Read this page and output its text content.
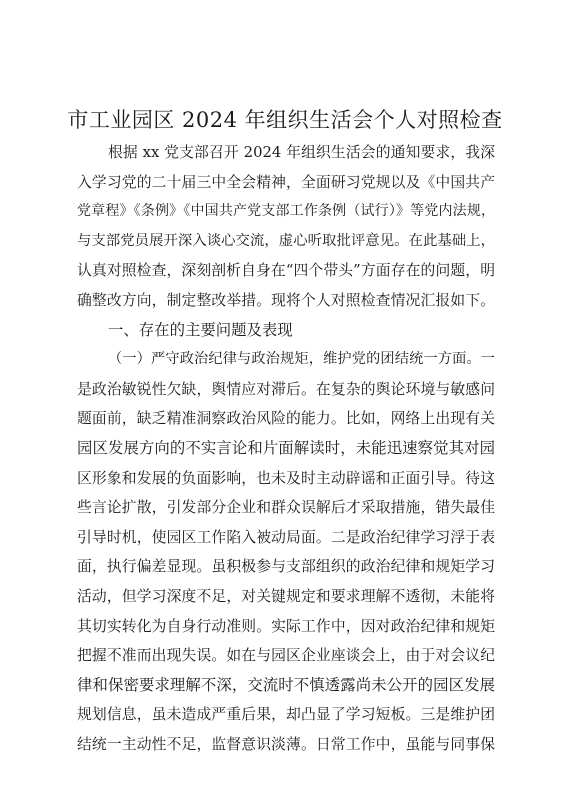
市工业园区 2024 年组织生活会个人对照检查
根据 xx 党支部召开 2024 年组织生活会的通知要求，我深
入学习党的二十届三中全会精神，全面研习党规以及《中国共产
党章程》《条例》《中国共产党支部工作条例（试行）》等党内法规，
与支部党员展开深入谈心交流，虚心听取批评意见。在此基础上，
认真对照检查，深刻剖析自身在“四个带头”方面存在的问题，明
确整改方向，制定整改举措。现将个人对照检查情况汇报如下。
一、存在的主要问题及表现
（一）严守政治纪律与政治规矩，维护党的团结统一方面。一
是政治敏锐性欠缺，舆情应对滞后。在复杂的舆论环境与敏感问
题面前，缺乏精准洞察政治风险的能力。比如，网络上出现有关
园区发展方向的不实言论和片面解读时，未能迅速察觉其对园
区形象和发展的负面影响，也未及时主动辟谣和正面引导。待这
些言论扩散，引发部分企业和群众误解后才采取措施，错失最佳
引导时机，使园区工作陷入被动局面。二是政治纪律学习浮于表
面，执行偏差显现。虽积极参与支部组织的政治纪律和规矩学习
活动，但学习深度不足，对关键规定和要求理解不透彻，未能将
其切实转化为自身行动准则。实际工作中，因对政治纪律和规矩
把握不准而出现失误。如在与园区企业座谈会上，由于对会议纪
律和保密要求理解不深，交流时不慎透露尚未公开的园区发展
规划信息，虽未造成严重后果，却凸显了学习短板。三是维护团
结统一主动性不足，监督意识淡薄。日常工作中，虽能与同事保
